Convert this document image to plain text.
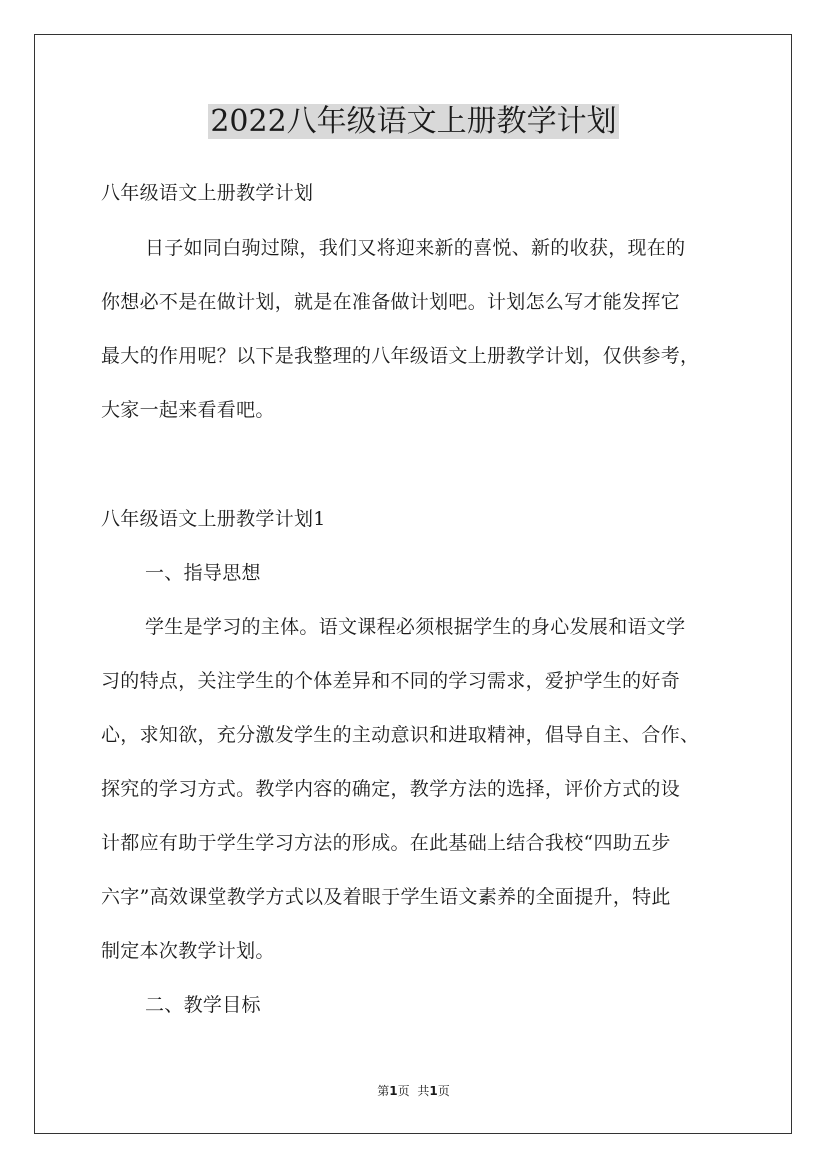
2022八年级语文上册教学计划
八年级语文上册教学计划
日子如同白驹过隙，我们又将迎来新的喜悦、新的收获，现在的
你想必不是在做计划，就是在准备做计划吧。计划怎么写才能发挥它
最大的作用呢？以下是我整理的八年级语文上册教学计划，仅供参考，
大家一起来看看吧。
八年级语文上册教学计划1
一、指导思想
学生是学习的主体。语文课程必须根据学生的身心发展和语文学
习的特点，关注学生的个体差异和不同的学习需求，爱护学生的好奇
心，求知欲，充分激发学生的主动意识和进取精神，倡导自主、合作、
探究的学习方式。教学内容的确定，教学方法的选择，评价方式的设
计都应有助于学生学习方法的形成。在此基础上结合我校“四助五步
六字”高效课堂教学方式以及着眼于学生语文素养的全面提升，特此
制定本次教学计划。
二、教学目标
第1页 共1页
